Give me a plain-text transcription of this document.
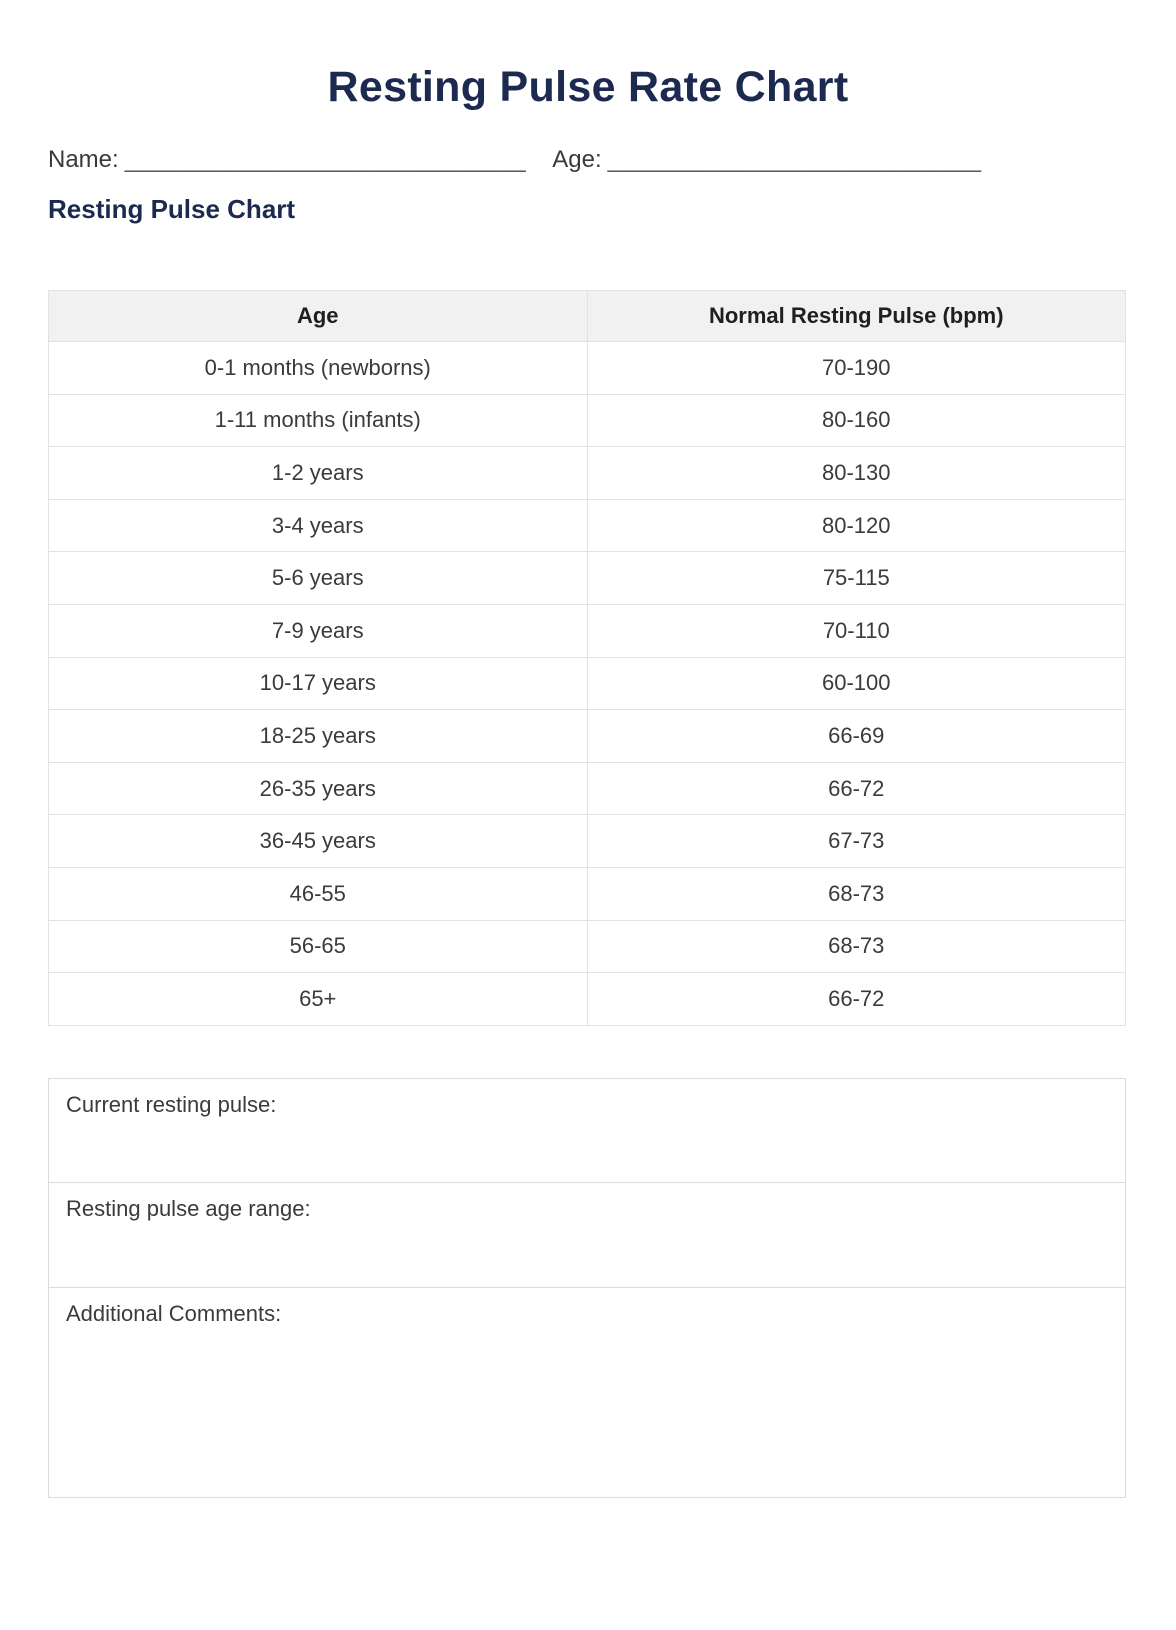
Resting Pulse Rate Chart
Name: _____________________________ Age: ___________________________
Resting Pulse Chart
Age	Normal Resting Pulse (bpm)
0-1 months (newborns)	70-190
1-11 months (infants)	80-160
1-2 years	80-130
3-4 years	80-120
5-6 years	75-115
7-9 years	70-110
10-17 years	60-100
18-25 years	66-69
26-35 years	66-72
36-45 years	67-73
46-55	68-73
56-65	68-73
65+	66-72
Current resting pulse:
Resting pulse age range:
Additional Comments:
